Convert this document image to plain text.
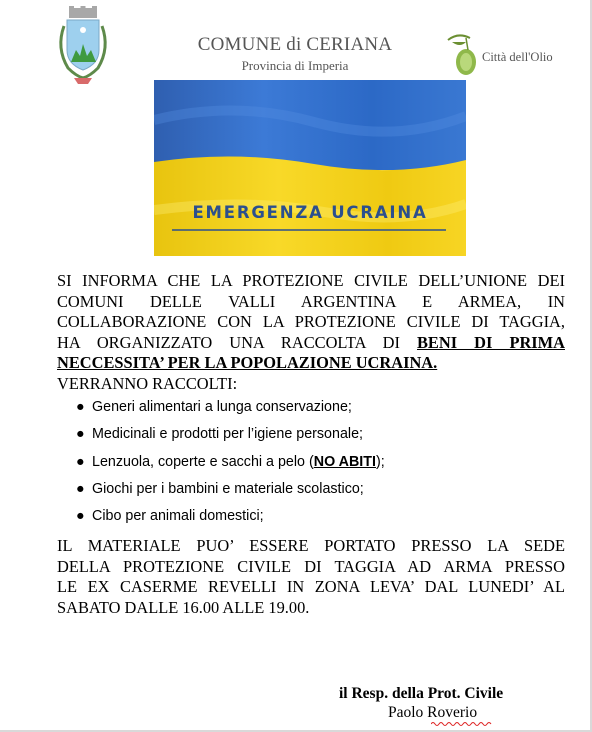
COMUNE di CERIANA
Provincia di Imperia
Città dell'Olio
EMERGENZA UCRAINA
SI INFORMA CHE LA PROTEZIONE CIVILE DELL’UNIONE DEI
COMUNI DELLE VALLI ARGENTINA E ARMEA, IN
COLLABORAZIONE CON LA PROTEZIONE CIVILE DI TAGGIA,
HA ORGANIZZATO UNA RACCOLTA DI BENI DI PRIMA
NECCESSITA’ PER LA POPOLAZIONE UCRAINA.
VERRANNO RACCOLTI:
● Generi alimentari a lunga conservazione;
● Medicinali e prodotti per l’igiene personale;
● Lenzuola, coperte e sacchi a pelo (NO ABITI);
● Giochi per i bambini e materiale scolastico;
● Cibo per animali domestici;
IL MATERIALE PUO’ ESSERE PORTATO PRESSO LA SEDE
DELLA PROTEZIONE CIVILE DI TAGGIA AD ARMA PRESSO
LE EX CASERME REVELLI IN ZONA LEVA’ DAL LUNEDI’ AL
SABATO DALLE 16.00 ALLE 19.00.
il Resp. della Prot. Civile
Paolo Roverio
